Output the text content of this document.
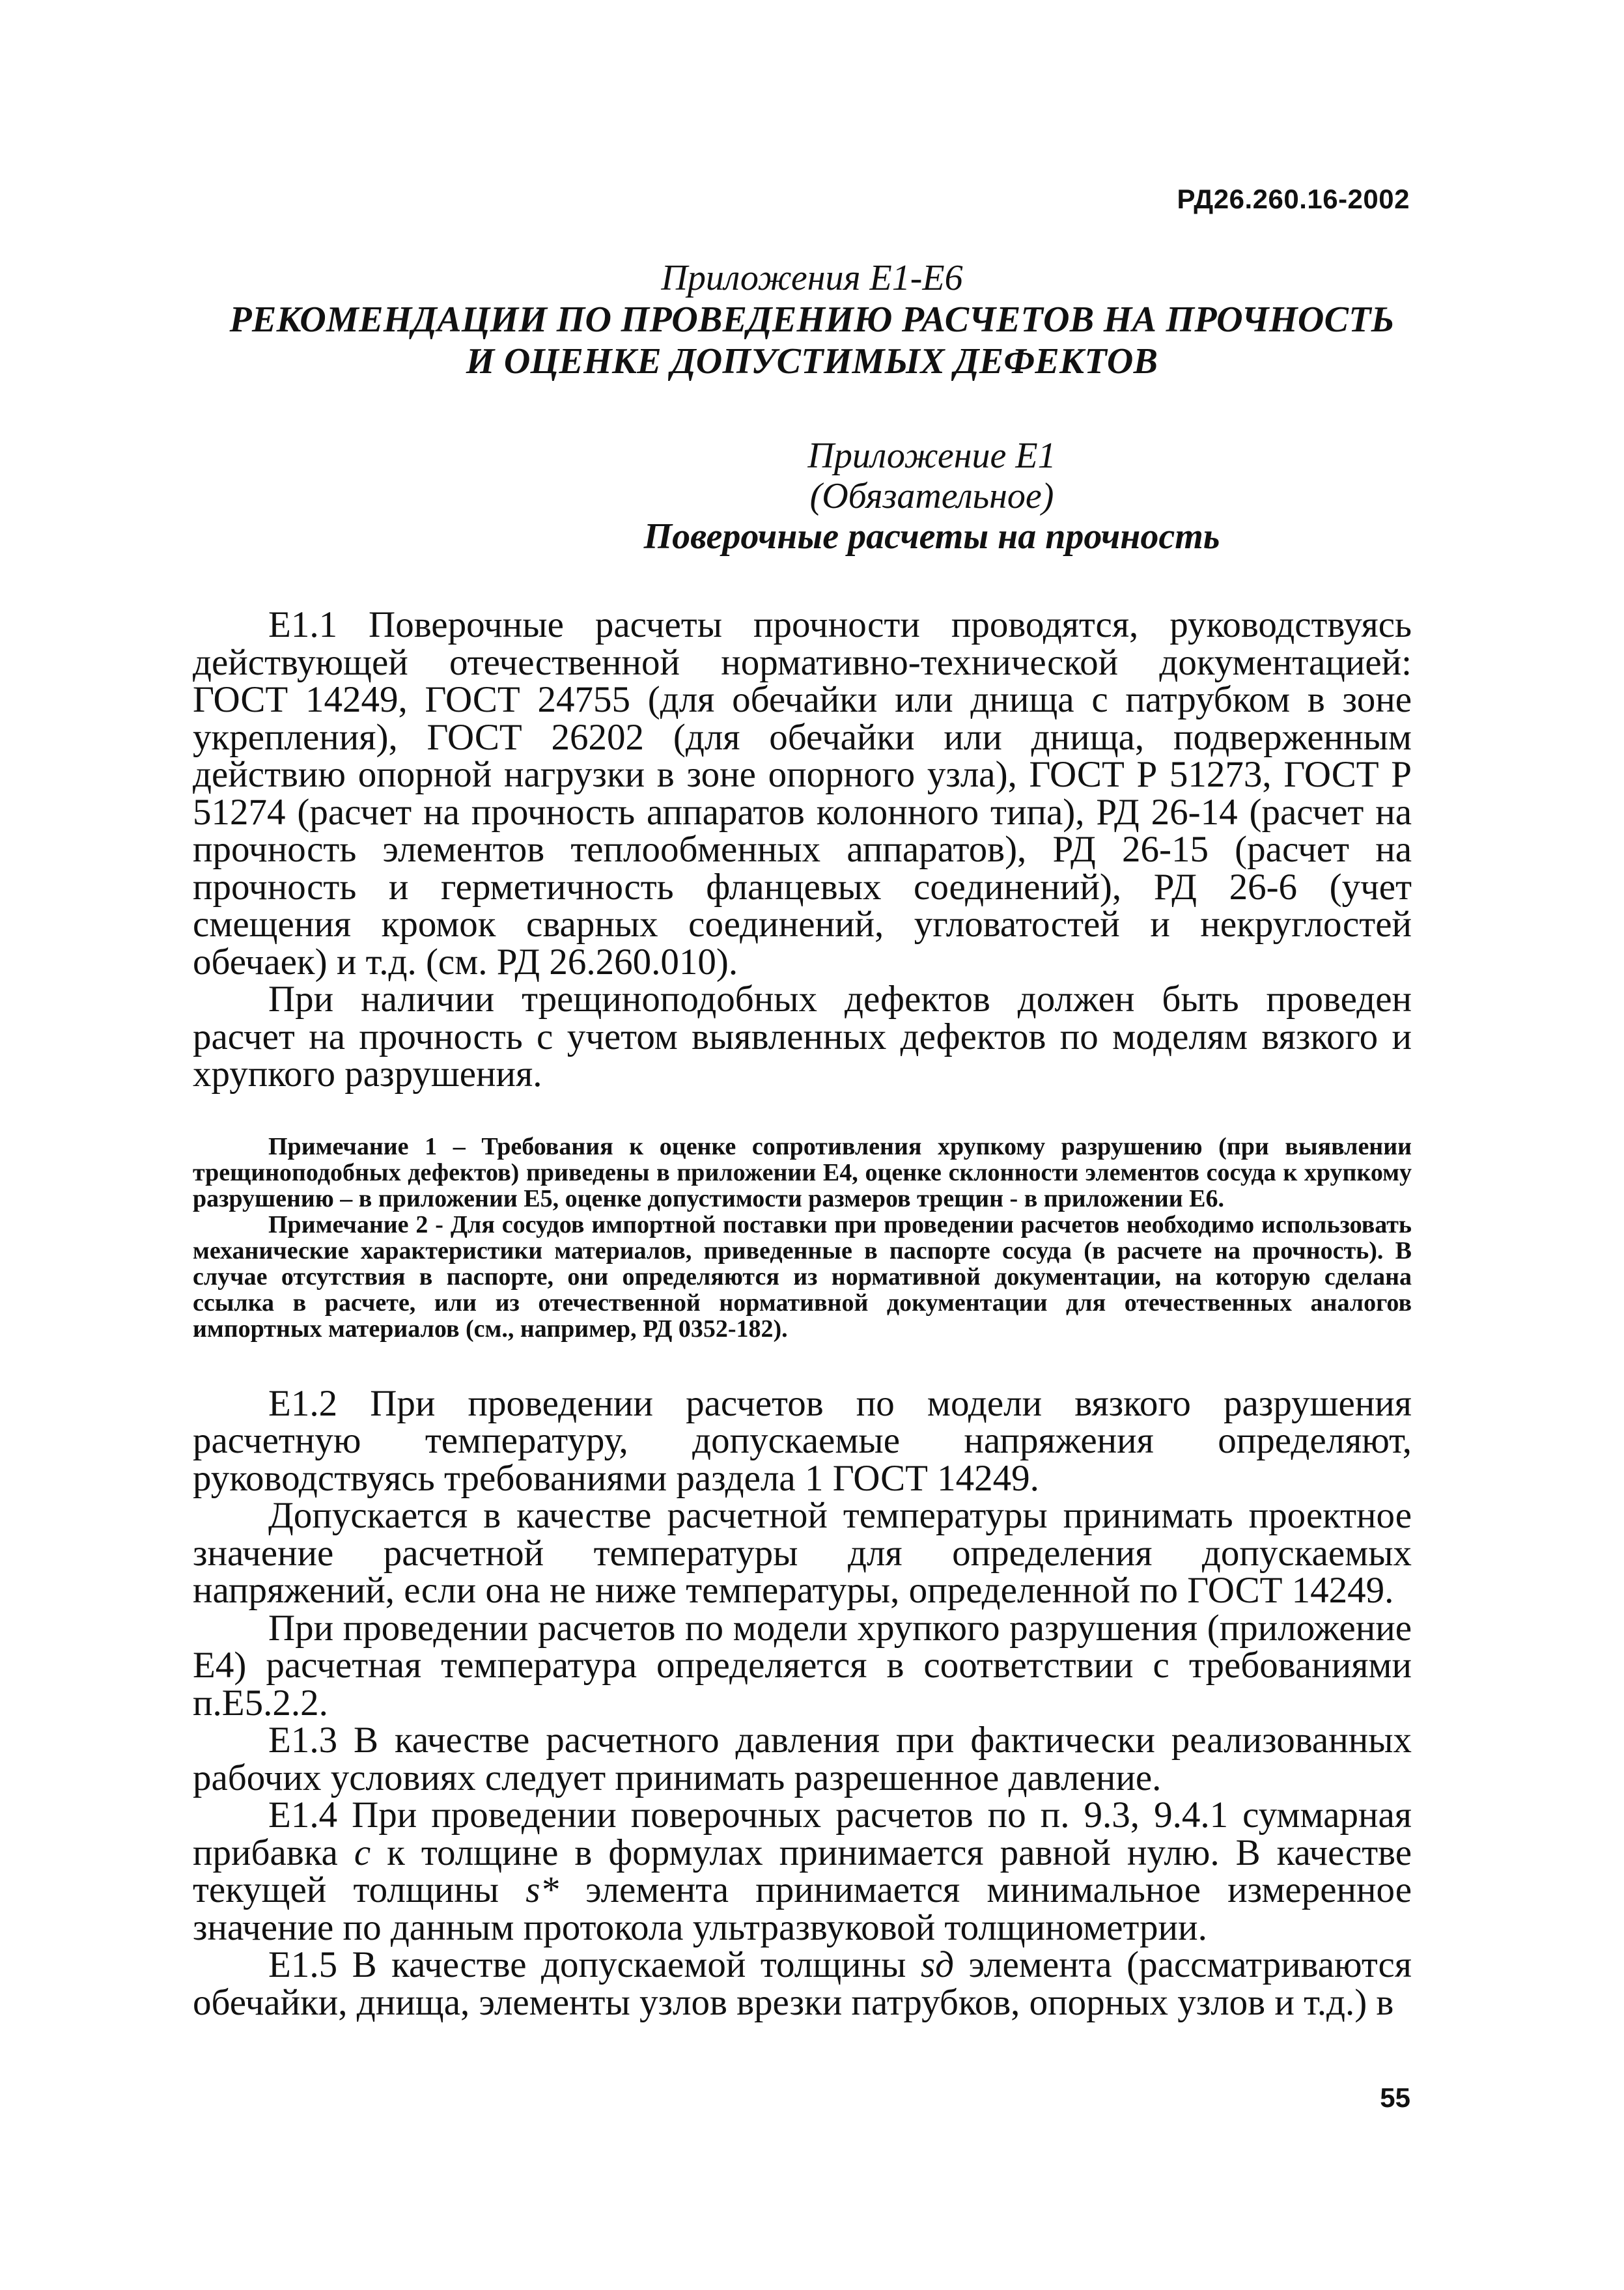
РД26.260.16-2002
Приложения Е1-Е6
РЕКОМЕНДАЦИИ ПО ПРОВЕДЕНИЮ РАСЧЕТОВ НА ПРОЧНОСТЬ
И ОЦЕНКЕ ДОПУСТИМЫХ ДЕФЕКТОВ
Приложение Е1
(Обязательное)
Поверочные расчеты на прочность

Е1.1 Поверочные расчеты прочности проводятся, руководствуясь действующей отечественной нормативно-технической документацией: ГОСТ 14249, ГОСТ 24755 (для обечайки или днища с патрубком в зоне укрепления), ГОСТ 26202 (для обечайки или днища, подверженным действию опорной нагрузки в зоне опорного узла), ГОСТ Р 51273, ГОСТ Р 51274 (расчет на прочность аппаратов колонного типа), РД 26-14 (расчет на прочность элементов теплообменных аппаратов), РД 26-15 (расчет на прочность и герметичность фланцевых соединений), РД 26-6 (учет смещения кромок сварных соединений, угловатостей и некруглостей обечаек) и т.д. (см. РД 26.260.010).

При наличии трещиноподобных дефектов должен быть проведен расчет на прочность с учетом выявленных дефектов по моделям вязкого и хрупкого разрушения.

Примечание 1 – Требования к оценке сопротивления хрупкому разрушению (при выявлении трещиноподобных дефектов) приведены в приложении Е4, оценке склонности элементов сосуда к хрупкому разрушению – в приложении Е5, оценке допустимости размеров трещин - в приложении Е6.

Примечание 2 - Для сосудов импортной поставки при проведении расчетов необходимо использовать механические характеристики материалов, приведенные в паспорте сосуда (в расчете на прочность). В случае отсутствия в паспорте, они определяются из нормативной документации, на которую сделана ссылка в расчете, или из отечественной нормативной документации для отечественных аналогов импортных материалов (см., например, РД 0352-182).

Е1.2 При проведении расчетов по модели вязкого разрушения расчетную температуру, допускаемые напряжения определяют, руководствуясь требованиями раздела 1 ГОСТ 14249.

Допускается в качестве расчетной температуры принимать проектное значение расчетной температуры для определения допускаемых напряжений, если она не ниже температуры, определенной по ГОСТ 14249.

При проведении расчетов по модели хрупкого разрушения (приложение Е4) расчетная температура определяется в соответствии с требованиями п.Е5.2.2.

Е1.3 В качестве расчетного давления при фактически реализованных рабочих условиях следует принимать разрешенное давление.

Е1.4 При проведении поверочных расчетов по п. 9.3, 9.4.1 суммарная прибавка c к толщине в формулах принимается равной нулю. В качестве текущей толщины s* элемента принимается минимальное измеренное значение по данным протокола ультразвуковой толщинометрии.

Е1.5 В качестве допускаемой толщины sд элемента (рассматриваются обечайки, днища, элементы узлов врезки патрубков, опорных узлов и т.д.) в

55
